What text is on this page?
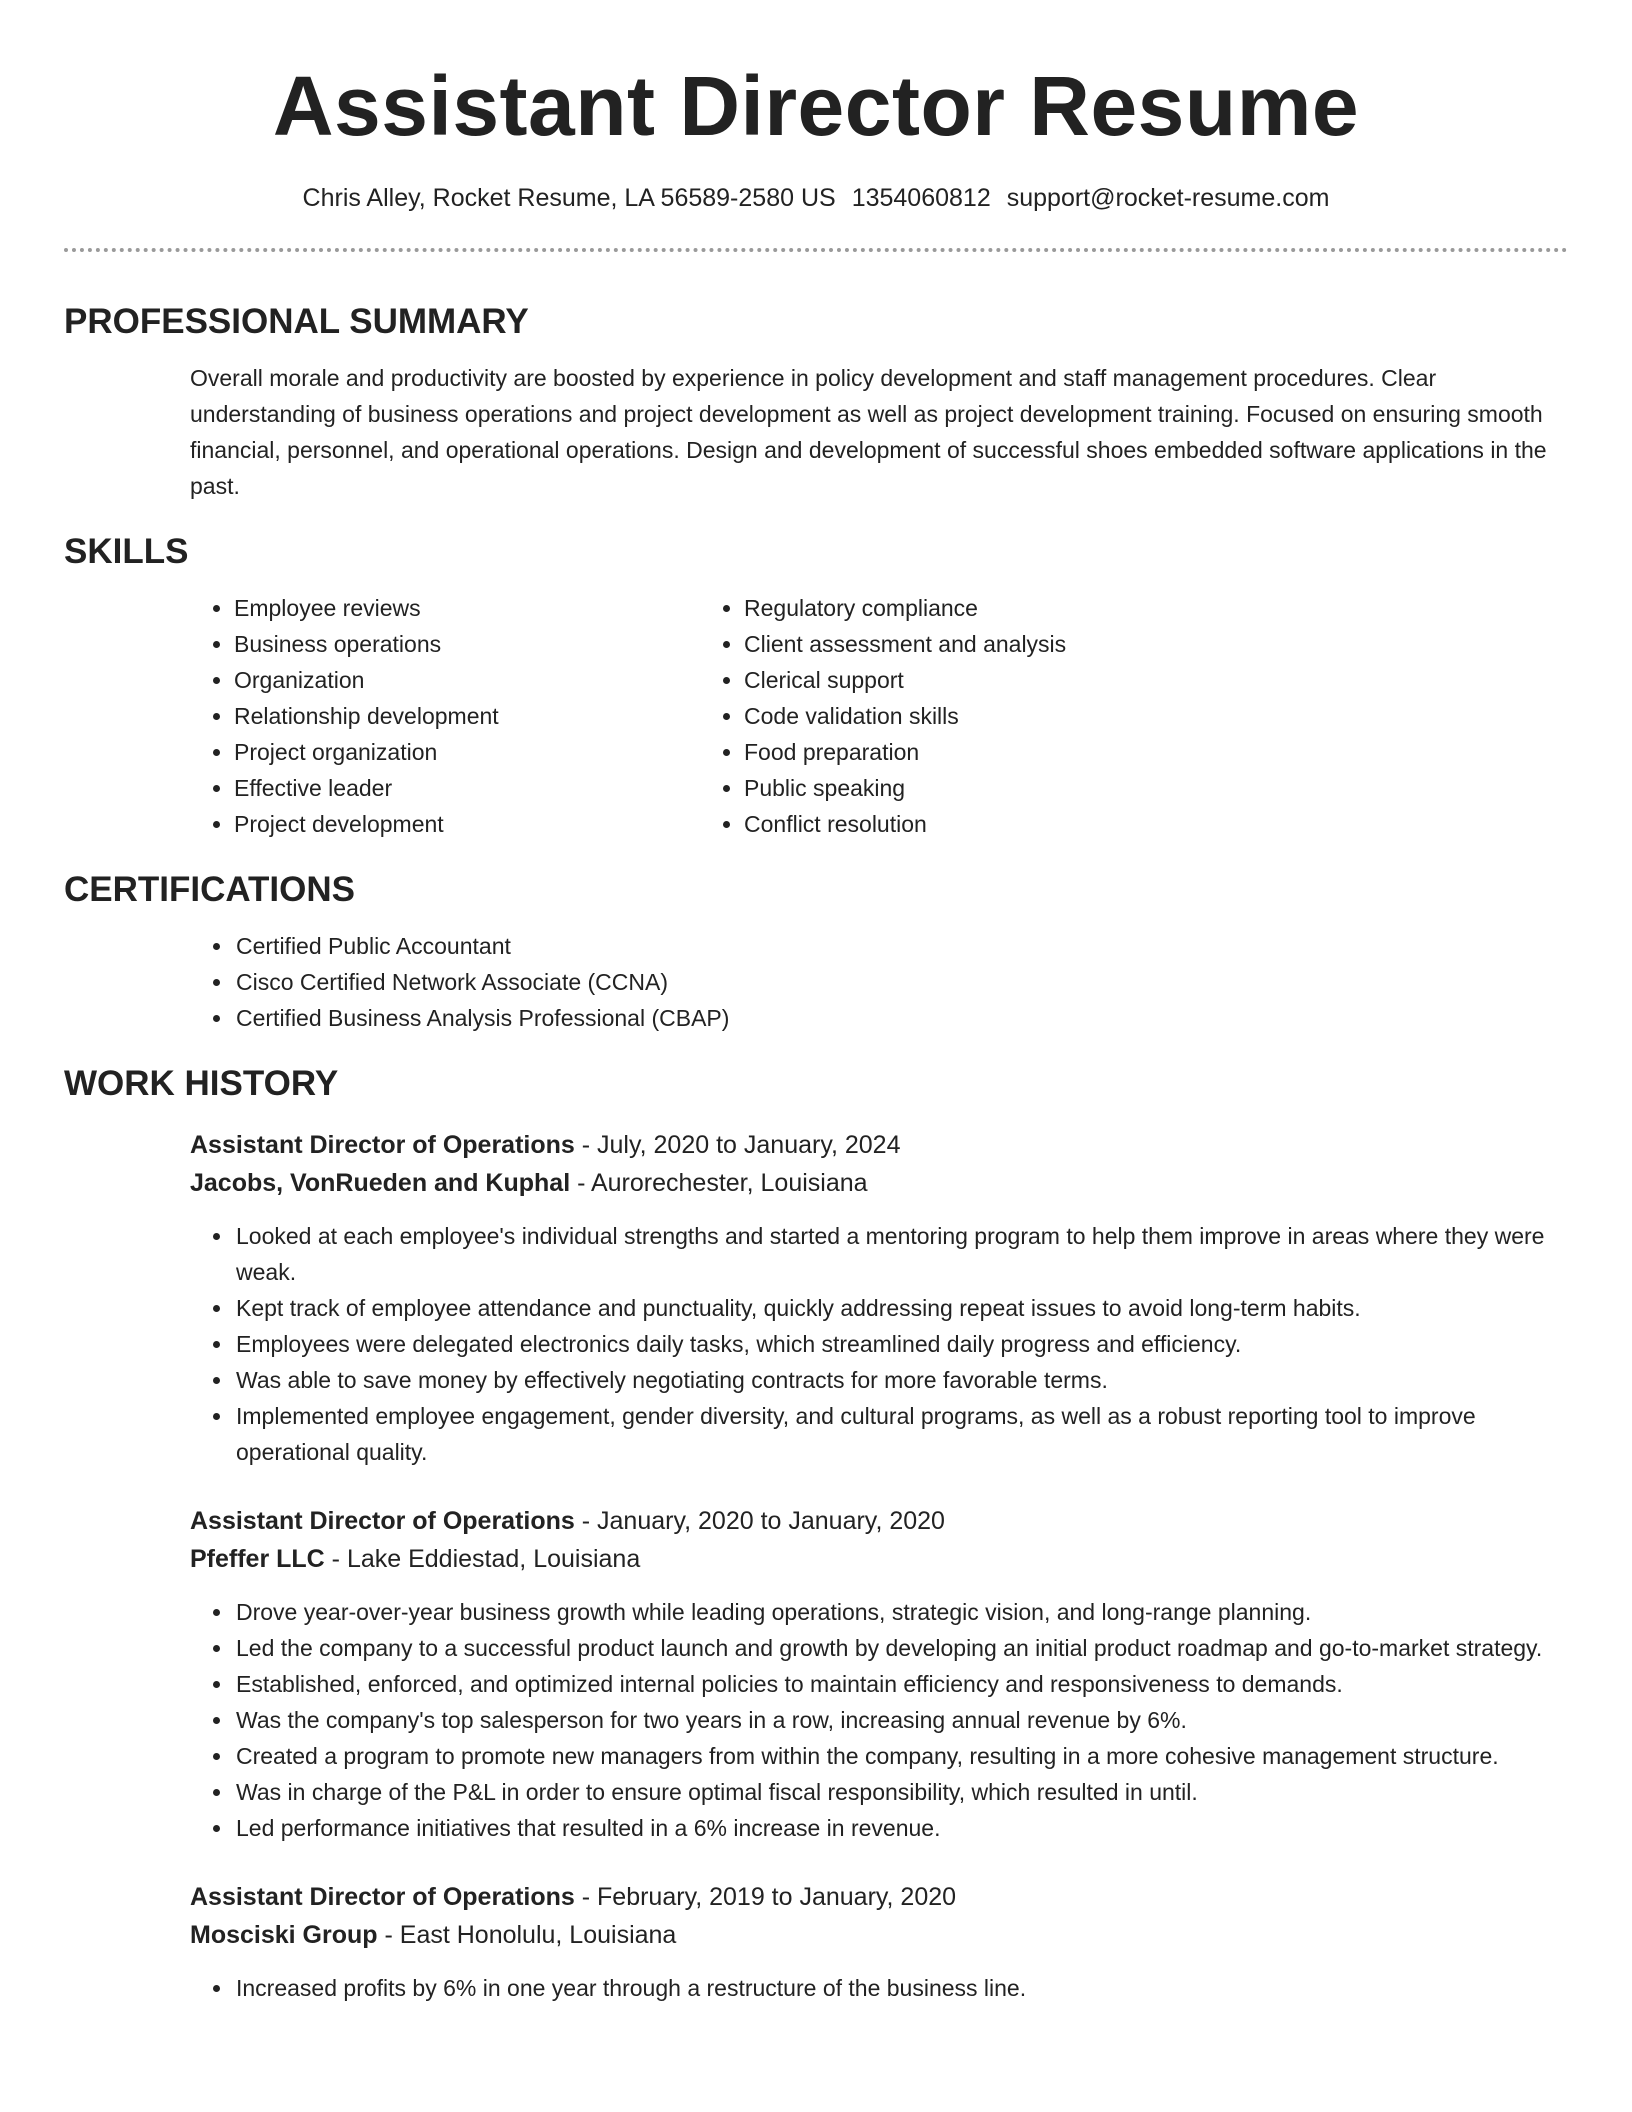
Assistant Director Resume
Chris Alley, Rocket Resume, LA 56589-2580 US 1354060812 support@rocket-resume.com
PROFESSIONAL SUMMARY
Overall morale and productivity are boosted by experience in policy development and staff management procedures. Clear understanding of business operations and project development as well as project development training. Focused on ensuring smooth financial, personnel, and operational operations. Design and development of successful shoes embedded software applications in the past.
SKILLS
• Employee reviews
• Business operations
• Organization
• Relationship development
• Project organization
• Effective leader
• Project development
• Regulatory compliance
• Client assessment and analysis
• Clerical support
• Code validation skills
• Food preparation
• Public speaking
• Conflict resolution
CERTIFICATIONS
• Certified Public Accountant
• Cisco Certified Network Associate (CCNA)
• Certified Business Analysis Professional (CBAP)
WORK HISTORY
Assistant Director of Operations - July, 2020 to January, 2024
Jacobs, VonRueden and Kuphal - Aurorechester, Louisiana
• Looked at each employee's individual strengths and started a mentoring program to help them improve in areas where they were weak.
• Kept track of employee attendance and punctuality, quickly addressing repeat issues to avoid long-term habits.
• Employees were delegated electronics daily tasks, which streamlined daily progress and efficiency.
• Was able to save money by effectively negotiating contracts for more favorable terms.
• Implemented employee engagement, gender diversity, and cultural programs, as well as a robust reporting tool to improve operational quality.
Assistant Director of Operations - January, 2020 to January, 2020
Pfeffer LLC - Lake Eddiestad, Louisiana
• Drove year-over-year business growth while leading operations, strategic vision, and long-range planning.
• Led the company to a successful product launch and growth by developing an initial product roadmap and go-to-market strategy.
• Established, enforced, and optimized internal policies to maintain efficiency and responsiveness to demands.
• Was the company's top salesperson for two years in a row, increasing annual revenue by 6%.
• Created a program to promote new managers from within the company, resulting in a more cohesive management structure.
• Was in charge of the P&L in order to ensure optimal fiscal responsibility, which resulted in until.
• Led performance initiatives that resulted in a 6% increase in revenue.
Assistant Director of Operations - February, 2019 to January, 2020
Mosciski Group - East Honolulu, Louisiana
• Increased profits by 6% in one year through a restructure of the business line.
